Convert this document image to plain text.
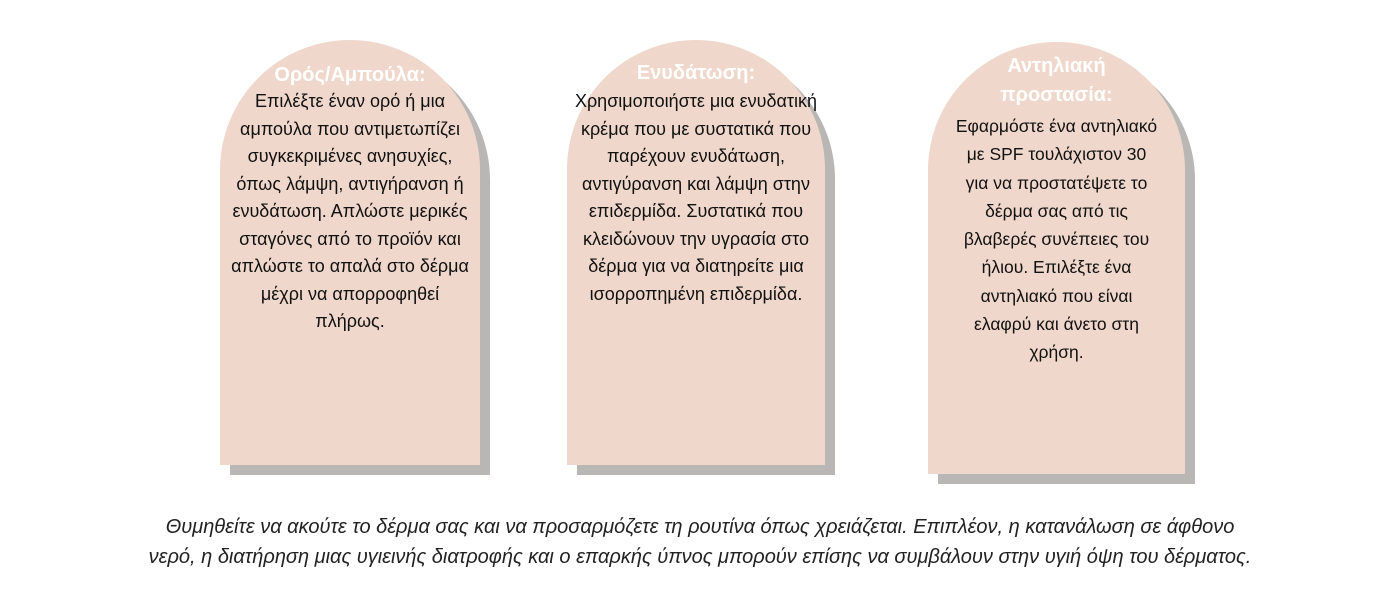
Ορός/Αμπούλα:

Επιλέξτε έναν ορό ή μια αμπούλα που αντιμετωπίζει συγκεκριμένες ανησυχίες, όπως λάμψη, αντιγήρανση ή ενυδάτωση. Απλώστε μερικές σταγόνες από το προϊόν και απλώστε το απαλά στο δέρμα μέχρι να απορροφηθεί πλήρως.

Ενυδάτωση:

Χρησιμοποιήστε μια ενυδατική κρέμα που με συστατικά που παρέχουν ενυδάτωση, αντιγύρανση και λάμψη στην επιδερμίδα. Συστατικά που κλειδώνουν την υγρασία στο δέρμα για να διατηρείτε μια ισορροπημένη επιδερμίδα.

Αντηλιακή προστασία:

Εφαρμόστε ένα αντηλιακό με SPF τουλάχιστον 30 για να προστατέψετε το δέρμα σας από τις βλαβερές συνέπειες του ήλιου. Επιλέξτε ένα αντηλιακό που είναι ελαφρύ και άνετο στη χρήση.

Θυμηθείτε να ακούτε το δέρμα σας και να προσαρμόζετε τη ρουτίνα όπως χρειάζεται. Επιπλέον, η κατανάλωση σε άφθονο

νερό, η διατήρηση μιας υγιεινής διατροφής και ο επαρκής ύπνος μπορούν επίσης να συμβάλουν στην υγιή όψη του δέρματος.
